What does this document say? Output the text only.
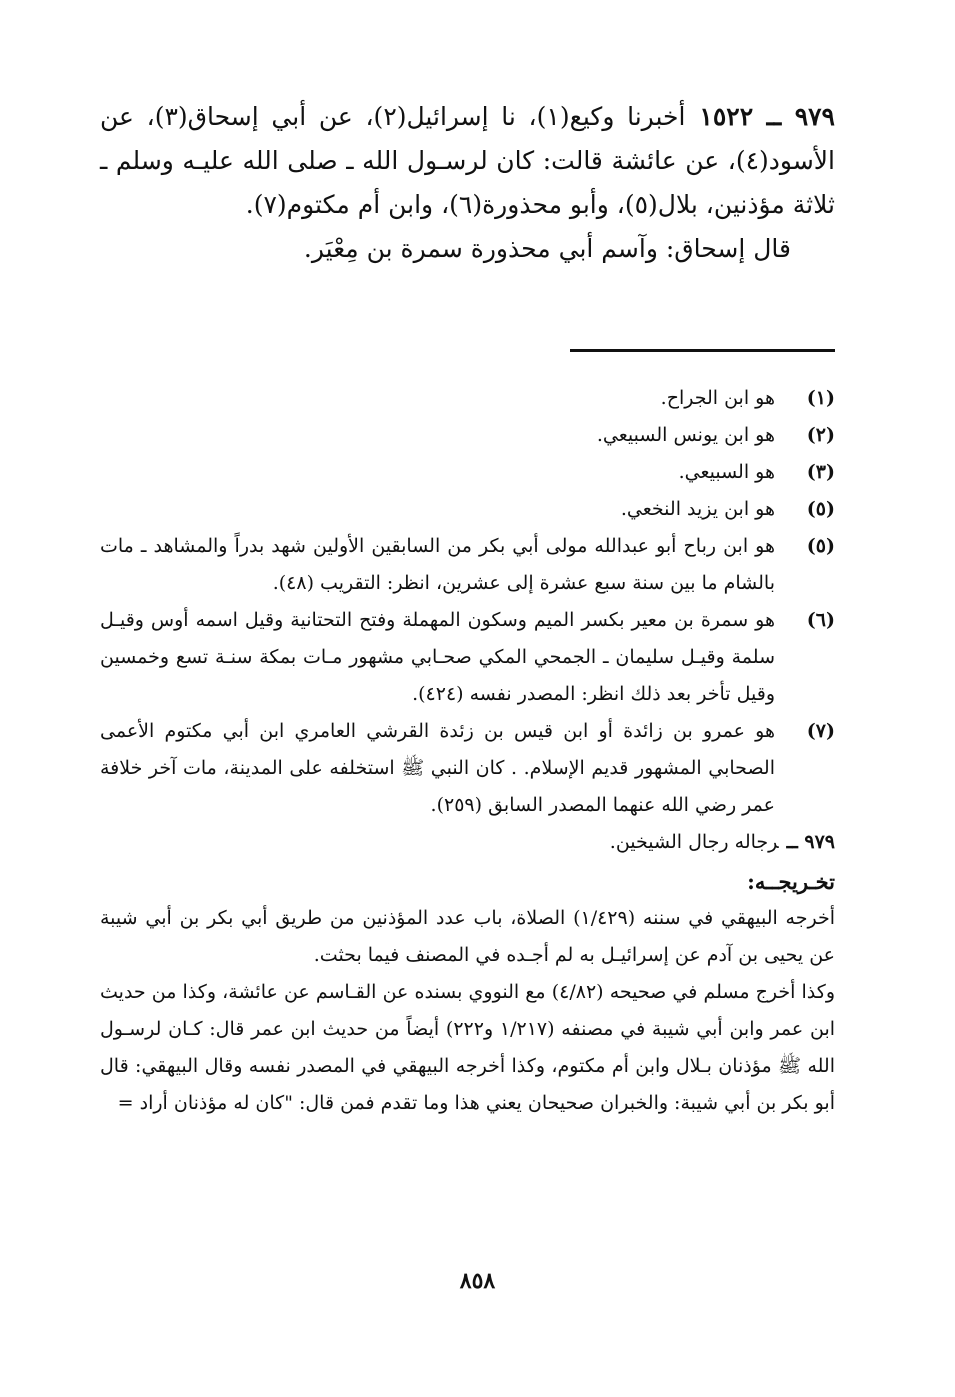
٩٧٩ ــ ١٥٢٢أخبرنا وكيع(١)، نا إسرائيل(٢)، عن أبي إسحاق(٣)، عن الأسود(٤)، عن عائشة قالت: كان لرسـول الله ـ صلى الله عليـه وسلم ـ ثلاثة مؤذنين، بلال(٥)، وأبو محذورة(٦)، وابن أم مكتوم(٧).

قال إسحاق: وآسم أبي محذورة سمرة بن مِعْيَر.

(١)
هو ابن الجراح.
(٢)
هو ابن يونس السبيعي.
(٣)
هو السبيعي.
(٥)
هو ابن يزيد النخعي.
(٥)
هو ابن رباح أبو عبدالله مولى أبي بكر من السابقين الأولين شهد بدراً والمشاهد ـ مات بالشام ما بين سنة سبع عشرة إلى عشرين، انظر: التقريب (٤٨).
(٦)
هو سمرة بن معير بكسر الميم وسكون المهملة وفتح التحتانية وقيل اسمه أوس وقيـل سلمة وقيـل سليمان ـ الجمحي المكي صحـابي مشهور مـات بمكة سنـة تسع وخمسين وقيل تأخر بعد ذلك انظر: المصدر نفسه (٤٢٤).
(٧)
هو عمرو بن زائدة أو ابن قيس بن زئدة القرشي العامري ابن أبي مكتوم الأعمى الصحابي المشهور قديم الإسلام. . كان النبي ﷺ استخلفه على المدينة، مات آخر خلافة عمر رضي الله عنهما المصدر السابق (٢٥٩).
٩٧٩ ــرجاله رجال الشيخين.
تخـريجــه:

أخرجه البيهقي في سننه (١/٤٢٩) الصلاة، باب عدد المؤذنين من طريق أبي بكر بن أبي شيبة عن يحيى بن آدم عن إسرائيـل به لم أجـده في المصنف فيما بحثت.

وكذا أخرج مسلم في صحيحه (٤/٨٢) مع النووي بسنده عن القـاسم عن عائشة، وكذا من حديث ابن عمر وابن أبي شيبة في مصنفه (١/٢١٧ و٢٢٢) أيضاً من حديث ابن عمر قال: كـان لرسـول الله ﷺ مؤذنان بـلال وابن أم مكتوم، وكذا أخرجه البيهقي في المصدر نفسه وقال البيهقي: قال أبو بكر بن أبي شيبة: والخبران صحيحان يعني هذا وما تقدم فمن قال: "كان له مؤذنان أراد =

٨٥٨
